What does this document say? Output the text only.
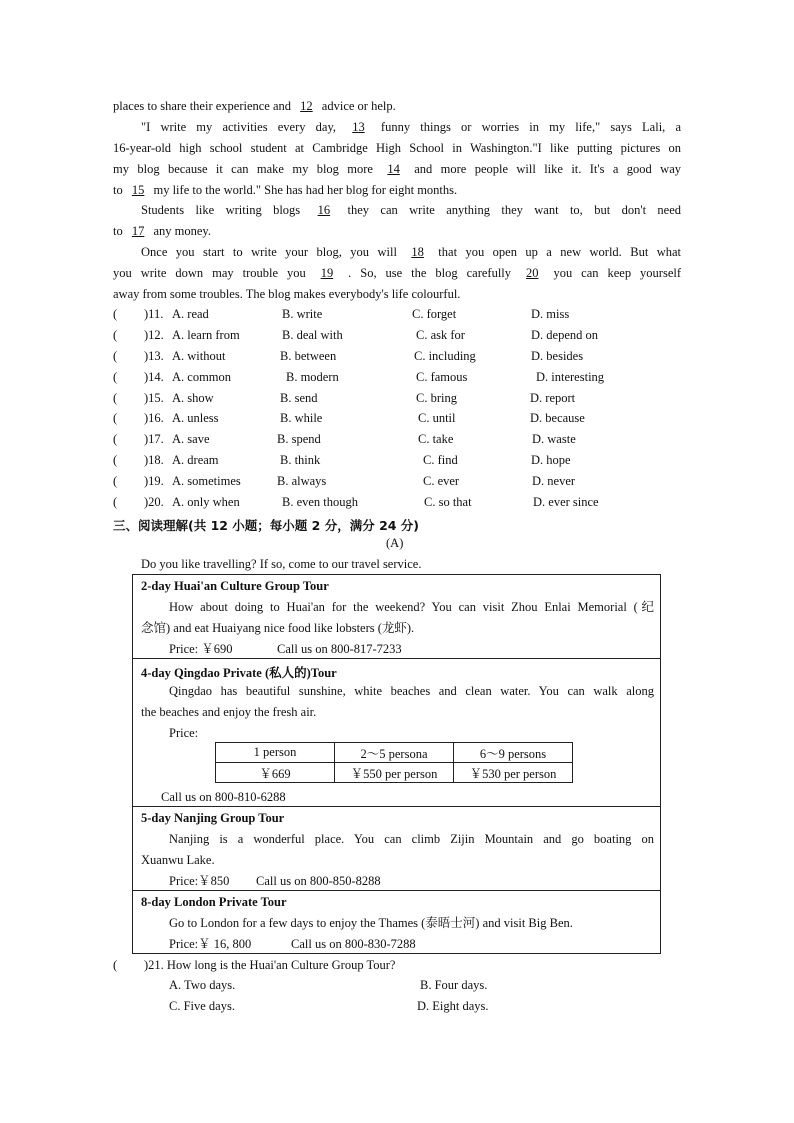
places to share their experience and 12 advice or help.
"I write my activities every day, 13 funny things or worries in my life," says Lali, a
16-year-old high school student at Cambridge High School in Washington."I like putting pictures on
my blog because it can make my blog more 14 and more people will like it. It's a good way
to 15 my life to the world." She has had her blog for eight months.
Students like writing blogs 16 they can write anything they want to, but don't need
to 17 any money.
Once you start to write your blog, you will 18 that you open up a new world. But what
you write down may trouble you 19 . So, use the blog carefully 20 you can keep yourself
away from some troubles. The blog makes everybody's life colourful.
( )11. A. read	B. write	C. forget	D. miss
( )12. A. learn from	B. deal with	C. ask for	D. depend on
( )13. A. without	B. between	C. including	D. besides
( )14. A. common	B. modern	C. famous	D. interesting
( )15. A. show	B. send	C. bring	D. report
( )16. A. unless	B. while	C. until	D. because
( )17. A. save	B. spend	C. take	D. waste
( )18. A. dream	B. think	C. find	D. hope
( )19. A. sometimes	B. always	C. ever	D. never
( )20. A. only when	B. even though	C. so that	D. ever since
三、阅读理解(共 12 小题；每小题 2 分，满分 24 分)
(A)
Do you like travelling? If so, come to our travel service.
2-day Huai'an Culture Group Tour
How about doing to Huai'an for the weekend? You can visit Zhou Enlai Memorial (纪
念馆) and eat Huaiyang nice food like lobsters (龙虾).
Price: ￥690	Call us on 800-817-7233
4-day Qingdao Private (私人的)Tour
Qingdao has beautiful sunshine, white beaches and clean water. You can walk along
the beaches and enjoy the fresh air.
Price:
Call us on 800-810-6288
1 person	2～5 persona	6～9 persons
￥669	￥550 per person	￥530 per person
5-day Nanjing Group Tour
Nanjing is a wonderful place. You can climb Zijin Mountain and go boating on
Xuanwu Lake.
Price:￥850 Call us on 800-850-8288
8-day London Private Tour
Go to London for a few days to enjoy the Thames (泰晤士河) and visit Big Ben.
Price:￥ 16, 800	Call us on 800-830-7288
( )21. How long is the Huai'an Culture Group Tour?
A. Two days.	B. Four days.
C. Five days.	D. Eight days.
